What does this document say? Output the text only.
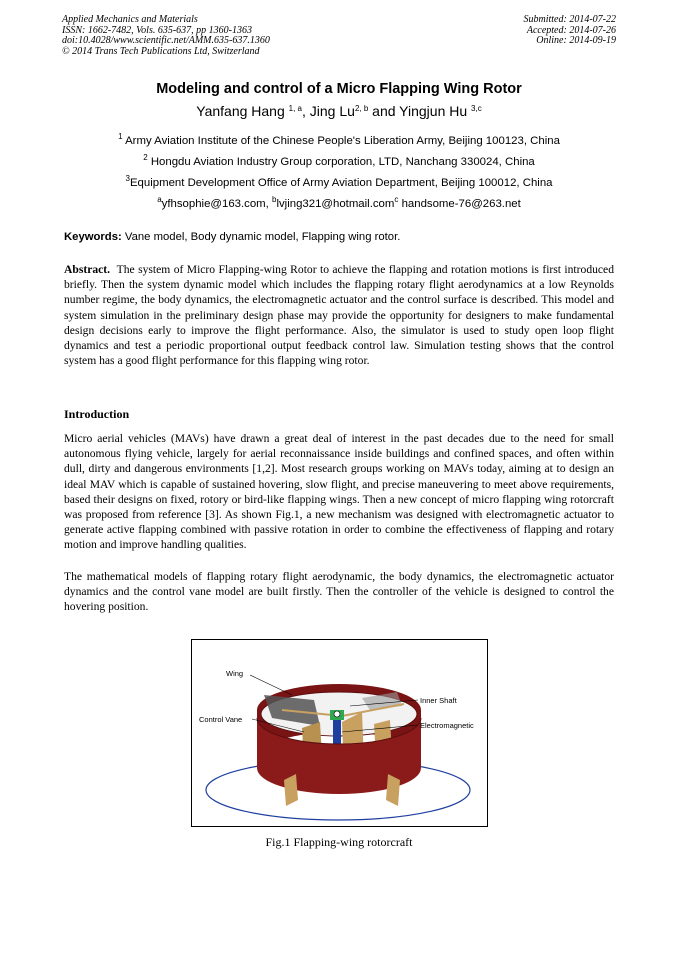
Applied Mechanics and Materials
ISSN: 1662-7482, Vols. 635-637, pp 1360-1363
doi:10.4028/www.scientific.net/AMM.635-637.1360
© 2014 Trans Tech Publications Ltd, Switzerland
Submitted: 2014-07-22
Accepted: 2014-07-26
Online: 2014-09-19
Modeling and control of a Micro Flapping Wing Rotor
Yanfang Hang $^{1, a}$, Jing Lu$^{2, b}$ and Yingjun Hu $^{3,c}$
$^1$ Army Aviation Institute of the Chinese People's Liberation Army, Beijing 100123, China
$^2$ Hongdu Aviation Industry Group corporation, LTD, Nanchang 330024, China
$^3$Equipment Development Office of Army Aviation Department, Beijing 100012, China
$^a$yfhsophie@163.com, $^b$lvjing321@hotmail.com$^c$ handsome-76@263.net
Keywords: Vane model, Body dynamic model, Flapping wing rotor.
Abstract. The system of Micro Flapping-wing Rotor to achieve the flapping and rotation motions is first introduced briefly. Then the system dynamic model which includes the flapping rotary flight aerodynamics at a low Reynolds number regime, the body dynamics, the electromagnetic actuator and the control surface is described. This model and system simulation in the preliminary design phase may provide the opportunity for designers to make fundamental design decisions early to improve the flight performance. Also, the simulator is used to study open loop flight dynamics and test a periodic proportional output feedback control law. Simulation testing shows that the control system has a good flight performance for this flapping wing rotor.
Introduction
Micro aerial vehicles (MAVs) have drawn a great deal of interest in the past decades due to the need for small autonomous flying vehicle, largely for aerial reconnaissance inside buildings and confined spaces, and often within dull, dirty and dangerous environments [1,2]. Most research groups working on MAVs today, aiming at to design an ideal MAV which is capable of sustained hovering, slow flight, and precise maneuvering to meet above requirements, based their designs on fixed, rotory or bird-like flapping wings. Then a new concept of micro flapping wing rotorcraft was proposed from reference [3]. As shown Fig.1, a new mechanism was designed with electromagnetic actuator to generate active flapping combined with passive rotation in order to combine the effectiveness of flapping and rotary motion and improve handling qualities.
The mathematical models of flapping rotary flight aerodynamic, the body dynamics, the electromagnetic actuator dynamics and the control vane model are built firstly. Then the controller of the vehicle is designed to control the hovering position.
Wing
Inner Shaft
Control Vane
Electromagnetic
Fig.1 Flapping-wing rotorcraft
